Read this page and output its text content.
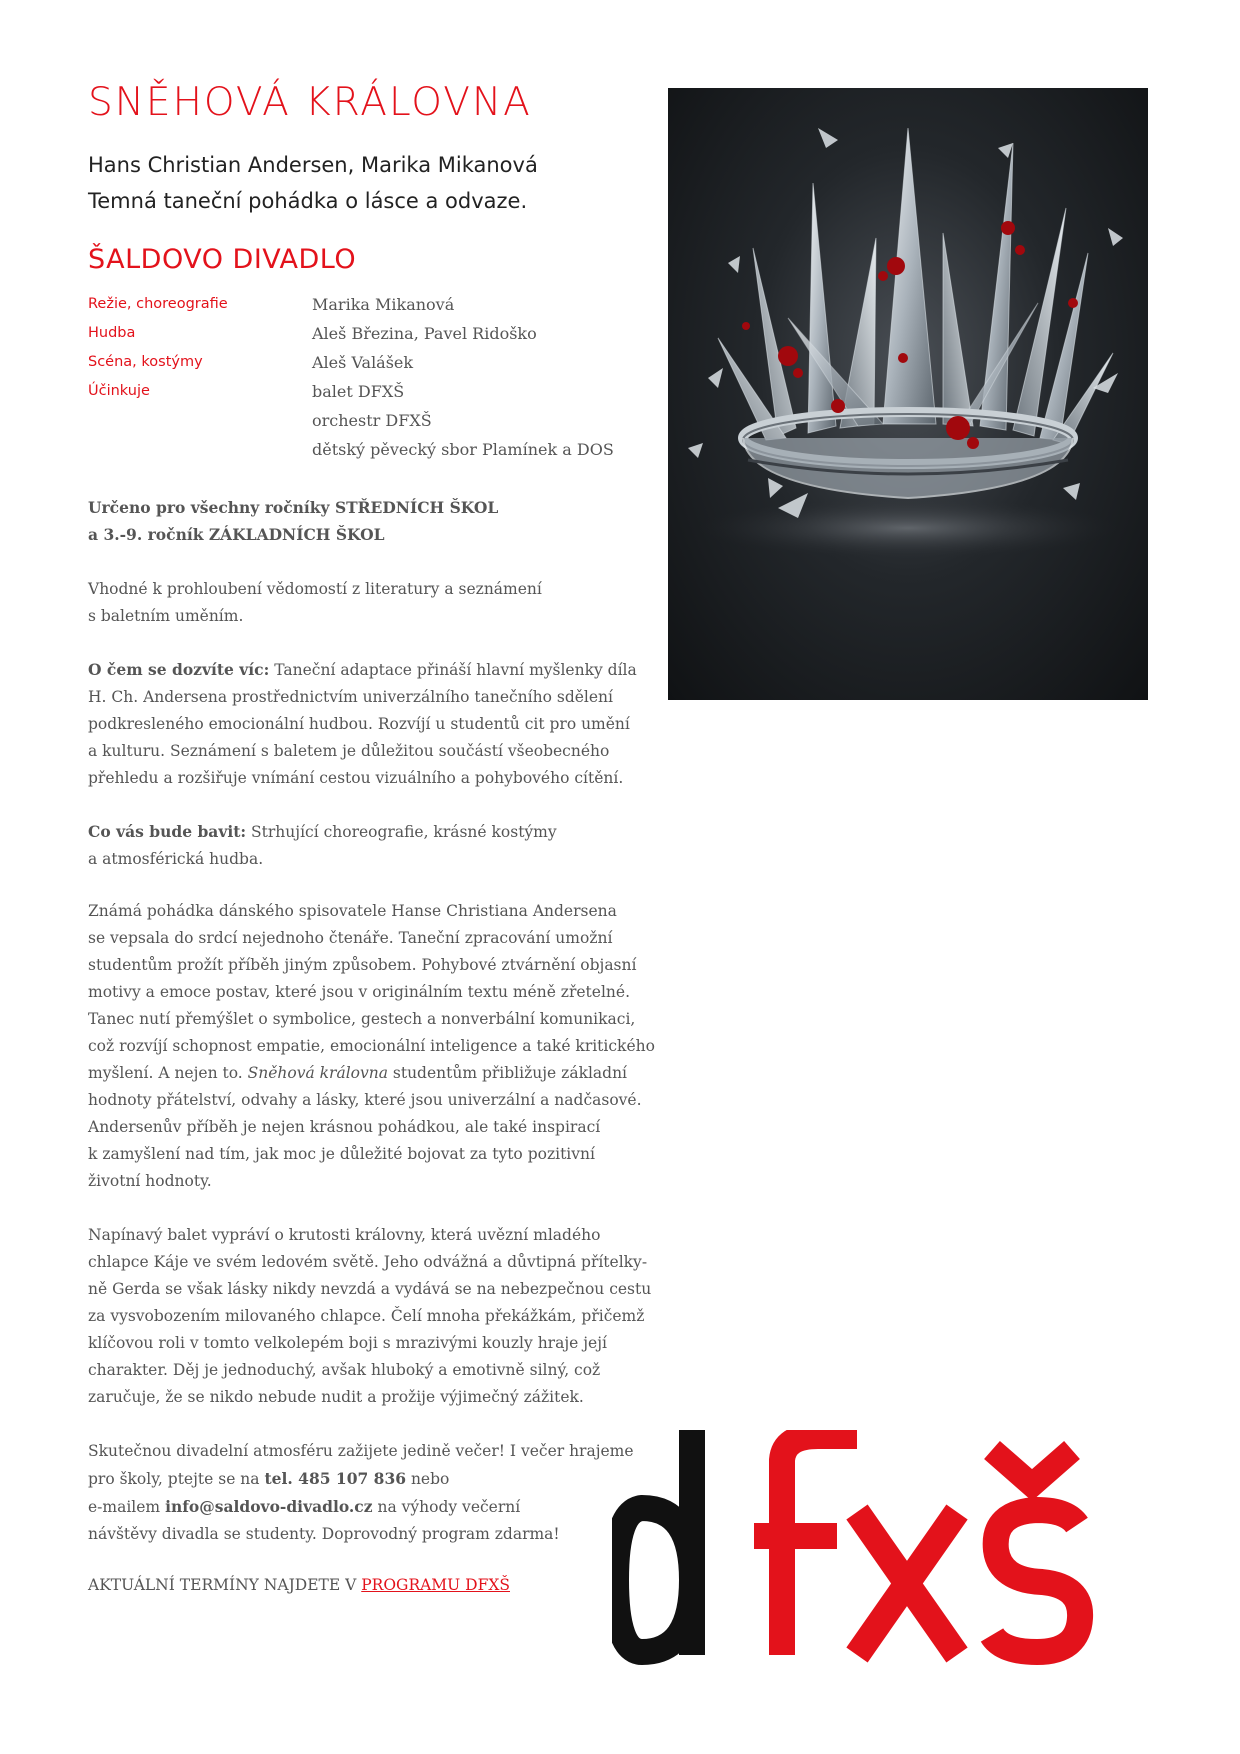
SNĚHOVÁ KRÁLOVNA
Hans Christian Andersen, Marika Mikanová
Temná taneční pohádka o lásce a odvaze.
ŠALDOVO DIVADLO
Režie, choreografie
Hudba
Scéna, kostýmy
Účinkuje
Marika Mikanová
Aleš Březina, Pavel Ridoško
Aleš Valášek
balet DFXŠ
orchestr DFXŠ
dětský pěvecký sbor Plamínek a DOS
Určeno pro všechny ročníky STŘEDNÍCH ŠKOL
a 3.-9. ročník ZÁKLADNÍCH ŠKOL
Vhodné k prohloubení vědomostí z literatury a seznámení
s baletním uměním.
O čem se dozvíte víc: Taneční adaptace přináší hlavní myšlenky díla
H. Ch. Andersena prostřednictvím univerzálního tanečního sdělení
podkresleného emocionální hudbou. Rozvíjí u studentů cit pro umění
a kulturu. Seznámení s baletem je důležitou součástí všeobecného
přehledu a rozšiřuje vnímání cestou vizuálního a pohybového cítění.
Co vás bude bavit: Strhující choreografie, krásné kostýmy
a atmosférická hudba.
Známá pohádka dánského spisovatele Hanse Christiana Andersena
se vepsala do srdcí nejednoho čtenáře. Taneční zpracování umožní
studentům prožít příběh jiným způsobem. Pohybové ztvárnění objasní
motivy a emoce postav, které jsou v originálním textu méně zřetelné.
Tanec nutí přemýšlet o symbolice, gestech a nonverbální komunikaci,
což rozvíjí schopnost empatie, emocionální inteligence a také kritického
myšlení. A nejen to. Sněhová královna studentům přibližuje základní
hodnoty přátelství, odvahy a lásky, které jsou univerzální a nadčasové.
Andersenův příběh je nejen krásnou pohádkou, ale také inspirací
k zamyšlení nad tím, jak moc je důležité bojovat za tyto pozitivní
životní hodnoty.
Napínavý balet vypráví o krutosti královny, která uvězní mladého
chlapce Káje ve svém ledovém světě. Jeho odvážná a důvtipná přítelky-
ně Gerda se však lásky nikdy nevzdá a vydává se na nebezpečnou cestu
za vysvobozením milovaného chlapce. Čelí mnoha překážkám, přičemž
klíčovou roli v tomto velkolepém boji s mrazivými kouzly hraje její
charakter. Děj je jednoduchý, avšak hluboký a emotivně silný, což
zaručuje, že se nikdo nebude nudit a prožije výjimečný zážitek.
Skutečnou divadelní atmosféru zažijete jedině večer! I večer hrajeme
pro školy, ptejte se na tel. 485 107 836 nebo
e-mailem info@saldovo-divadlo.cz na výhody večerní
návštěvy divadla se studenty. Doprovodný program zdarma!
AKTUÁLNÍ TERMÍNY NAJDETE V PROGRAMU DFXŠ
